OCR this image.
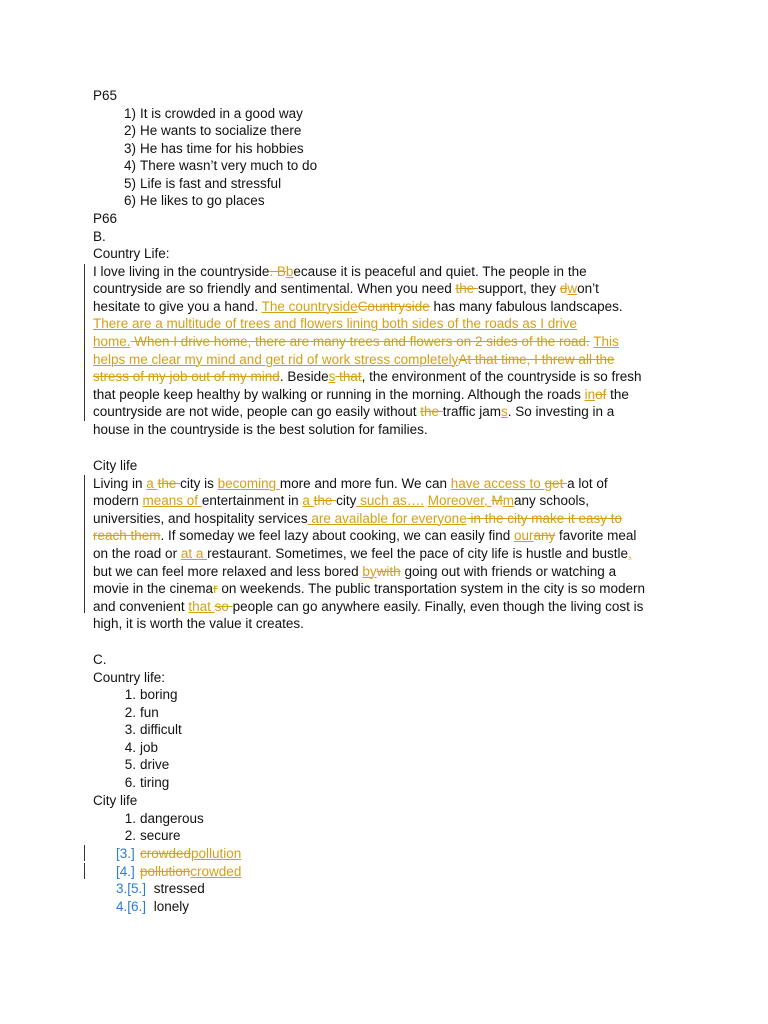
P65
1) It is crowded in a good way
2) He wants to socialize there
3) He has time for his hobbies
4) There wasn’t very much to do
5) Life is fast and stressful
6) He likes to go places
P66
B.
Country Life:
I love living in the countryside. Bbecause it is peaceful and quiet. The people in the
countryside are so friendly and sentimental. When you need the support, they dwon’t
hesitate to give you a hand. The countrysideCountryside has many fabulous landscapes.
There are a multitude of trees and flowers lining both sides of the roads as I drive
home. When I drive home, there are many trees and flowers on 2 sides of the road. This
helps me clear my mind and get rid of work stress completelyAt that time, I threw all the
stress of my job out of my mind. Besides that, the environment of the countryside is so fresh
that people keep healthy by walking or running in the morning. Although the roads inof the
countryside are not wide, people can go easily without the traffic jams. So investing in a
house in the countryside is the best solution for families.
City life
Living in a the city is becoming more and more fun. We can have access to get a lot of
modern means of entertainment in a the city such as…. Moreover, Mmany schools,
universities, and hospitality services are available for everyone in the city make it easy to
reach them. If someday we feel lazy about cooking, we can easily find ourany favorite meal
on the road or at a restaurant. Sometimes, we feel the pace of city life is hustle and bustle,
but we can feel more relaxed and less bored bywith going out with friends or watching a
movie in the cinemar on weekends. The public transportation system in the city is so modern
and convenient that so people can go anywhere easily. Finally, even though the living cost is
high, it is worth the value it creates.
C.
Country life:
1. boring
2. fun
3. difficult
4. job
5. drive
6. tiring
City life
1. dangerous
2. secure
[3.] crowdedpollution
[4.] pollutioncrowded
3.[5.] stressed
4.[6.] lonely
